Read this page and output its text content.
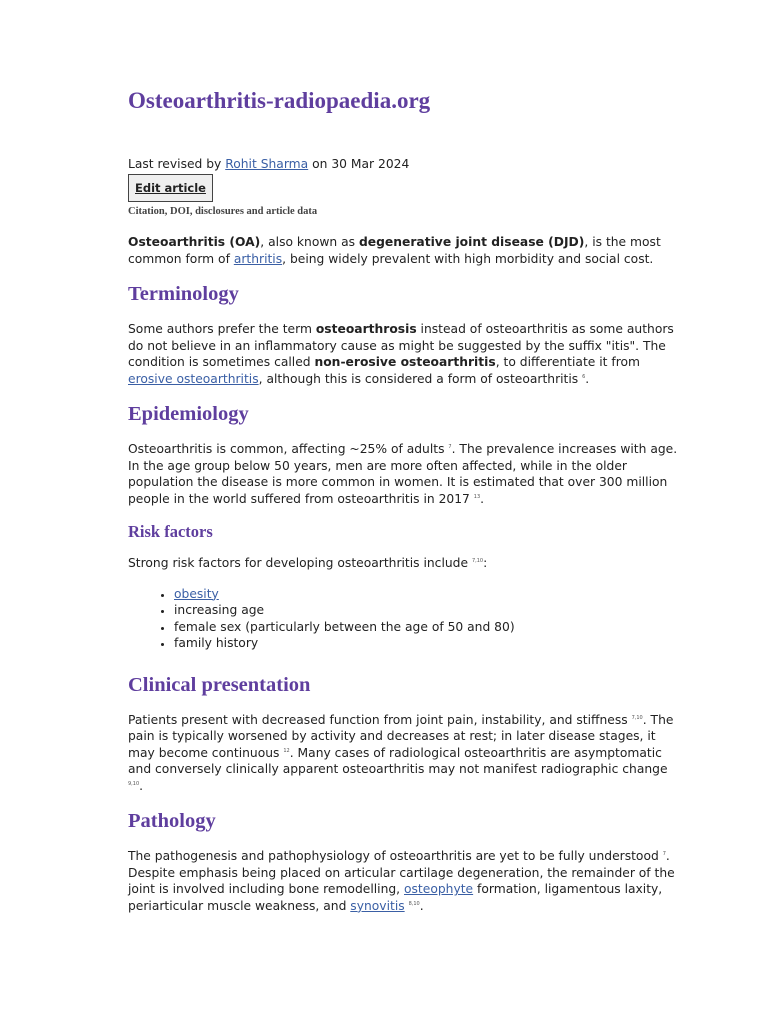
Osteoarthritis-radiopaedia.org
Last revised by Rohit Sharma on 30 Mar 2024
Edit article
Citation, DOI, disclosures and article data

Osteoarthritis (OA), also known as degenerative joint disease (DJD), is the most common form of arthritis, being widely prevalent with high morbidity and social cost.

Terminology

Some authors prefer the term osteoarthrosis instead of osteoarthritis as some authors do not believe in an inflammatory cause as might be suggested by the suffix "itis". The condition is sometimes called non-erosive osteoarthritis, to differentiate it from erosive osteoarthritis, although this is considered a form of osteoarthritis $^6$.

Epidemiology

Osteoarthritis is common, affecting ~25% of adults $^7$. The prevalence increases with age. In the age group below 50 years, men are more often affected, while in the older population the disease is more common in women. It is estimated that over 300 million people in the world suffered from osteoarthritis in 2017 $^{13}$.

Risk factors

Strong risk factors for developing osteoarthritis include $^{7,10}$:

• obesity
• increasing age
• female sex (particularly between the age of 50 and 80)
• family history
Clinical presentation

Patients present with decreased function from joint pain, instability, and stiffness $^{7,10}$. The pain is typically worsened by activity and decreases at rest; in later disease stages, it may become continuous $^{12}$. Many cases of radiological osteoarthritis are asymptomatic and conversely clinically apparent osteoarthritis may not manifest radiographic change $^{9,10}$.

Pathology

The pathogenesis and pathophysiology of osteoarthritis are yet to be fully understood $^7$. Despite emphasis being placed on articular cartilage degeneration, the remainder of the joint is involved including bone remodelling, osteophyte formation, ligamentous laxity, periarticular muscle weakness, and synovitis $^{8,10}$.
